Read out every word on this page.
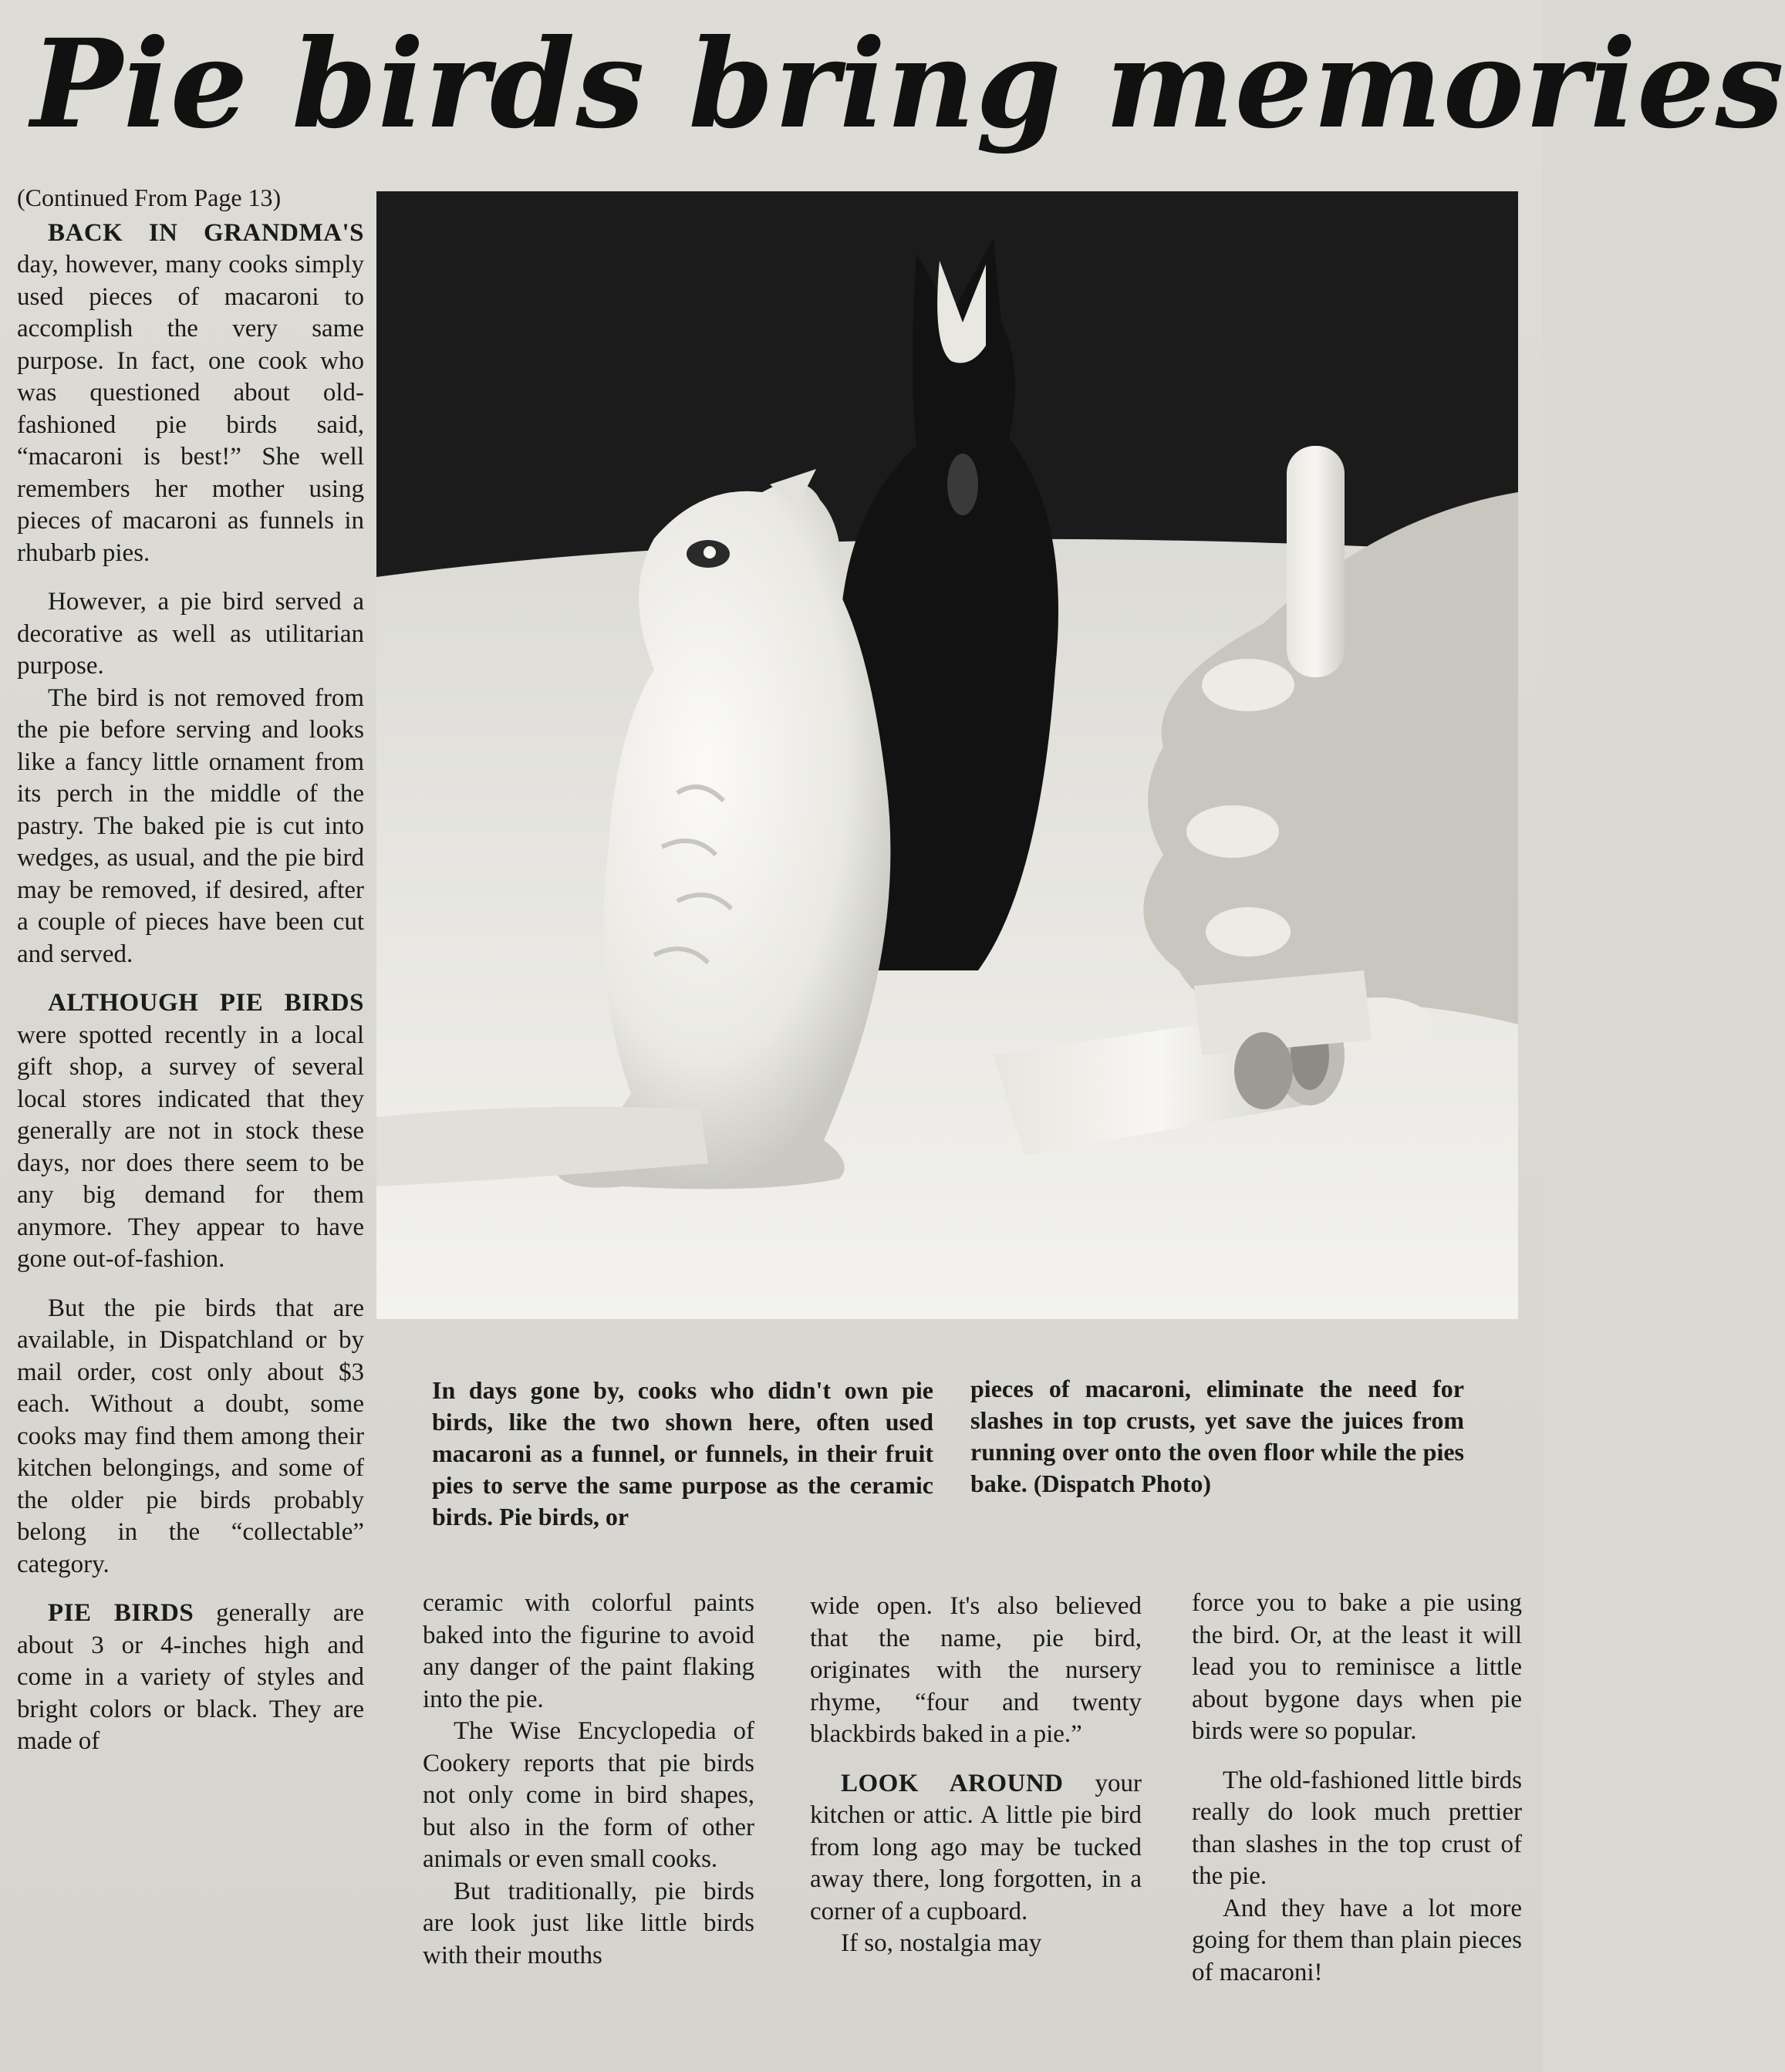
Pie birds bring memories

(Continued From Page 13)

BACK IN GRANDMA'S day, however, many cooks simply used pieces of macaroni to accomplish the very same purpose. In fact, one cook who was questioned about old-fashioned pie birds said, “macaroni is best!” She well remembers her mother using pieces of macaroni as funnels in rhubarb pies.

However, a pie bird served a decorative as well as utilitarian purpose.

The bird is not removed from the pie before serving and looks like a fancy little ornament from its perch in the middle of the pastry. The baked pie is cut into wedges, as usual, and the pie bird may be removed, if desired, after a couple of pieces have been cut and served.

ALTHOUGH PIE BIRDS were spotted recently in a local gift shop, a survey of several local stores indicated that they generally are not in stock these days, nor does there seem to be any big demand for them anymore. They appear to have gone out-of-fashion.

But the pie birds that are available, in Dispatchland or by mail order, cost only about $3 each. Without a doubt, some cooks may find them among their kitchen belongings, and some of the older pie birds probably belong in the “collectable” category.

PIE BIRDS generally are about 3 or 4-inches high and come in a variety of styles and bright colors or black. They are made of

In days gone by, cooks who didn't own pie birds, like the two shown here, often used macaroni as a funnel, or funnels, in their fruit pies to serve the same purpose as the ceramic birds. Pie birds, or

pieces of macaroni, eliminate the need for slashes in top crusts, yet save the juices from running over onto the oven floor while the pies bake. (Dispatch Photo)

ceramic with colorful paints baked into the figurine to avoid any danger of the paint flaking into the pie.

The Wise Encyclopedia of Cookery reports that pie birds not only come in bird shapes, but also in the form of other animals or even small cooks.

But traditionally, pie birds are look just like little birds with their mouths

wide open. It's also believed that the name, pie bird, originates with the nursery rhyme, “four and twenty blackbirds baked in a pie.”

LOOK AROUND your kitchen or attic. A little pie bird from long ago may be tucked away there, long forgotten, in a corner of a cupboard.

If so, nostalgia may

force you to bake a pie using the bird. Or, at the least it will lead you to reminisce a little about bygone days when pie birds were so popular.

The old-fashioned little birds really do look much prettier than slashes in the top crust of the pie.

And they have a lot more going for them than plain pieces of macaroni!
